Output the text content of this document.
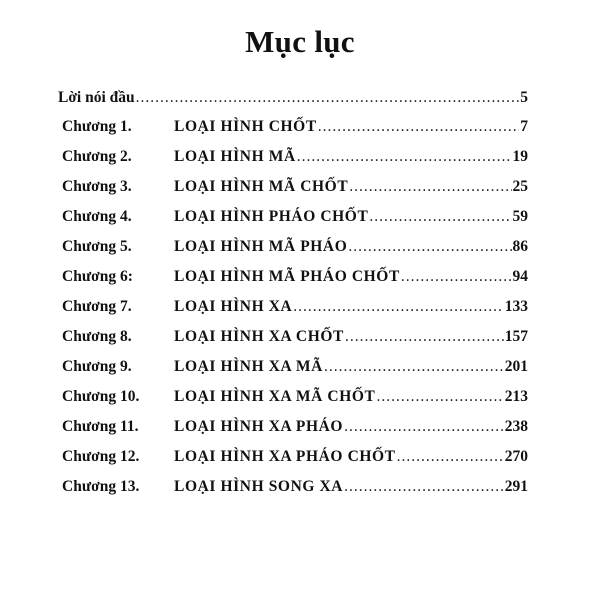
Mục lục
Lời nói đầu .....	5
Chương 1.	LOẠI HÌNH CHỐT .....	7
Chương 2.	LOẠI HÌNH MÃ .....	19
Chương 3.	LOẠI HÌNH MÃ CHỐT .....	25
Chương 4.	LOẠI HÌNH PHÁO CHỐT .....	59
Chương 5.	LOẠI HÌNH MÃ PHÁO .....	86
Chương 6:	LOẠI HÌNH MÃ PHÁO CHỐT .....	94
Chương 7.	LOẠI HÌNH XA .....	133
Chương 8.	LOẠI HÌNH XA CHỐT .....	157
Chương 9.	LOẠI HÌNH XA MÃ .....	201
Chương 10. LOẠI HÌNH XA MÃ CHỐT .....	213
Chương 11. LOẠI HÌNH XA PHÁO .....	238
Chương 12. LOẠI HÌNH XA PHÁO CHỐT .....	270
Chương 13. LOẠI HÌNH SONG XA .....	291
